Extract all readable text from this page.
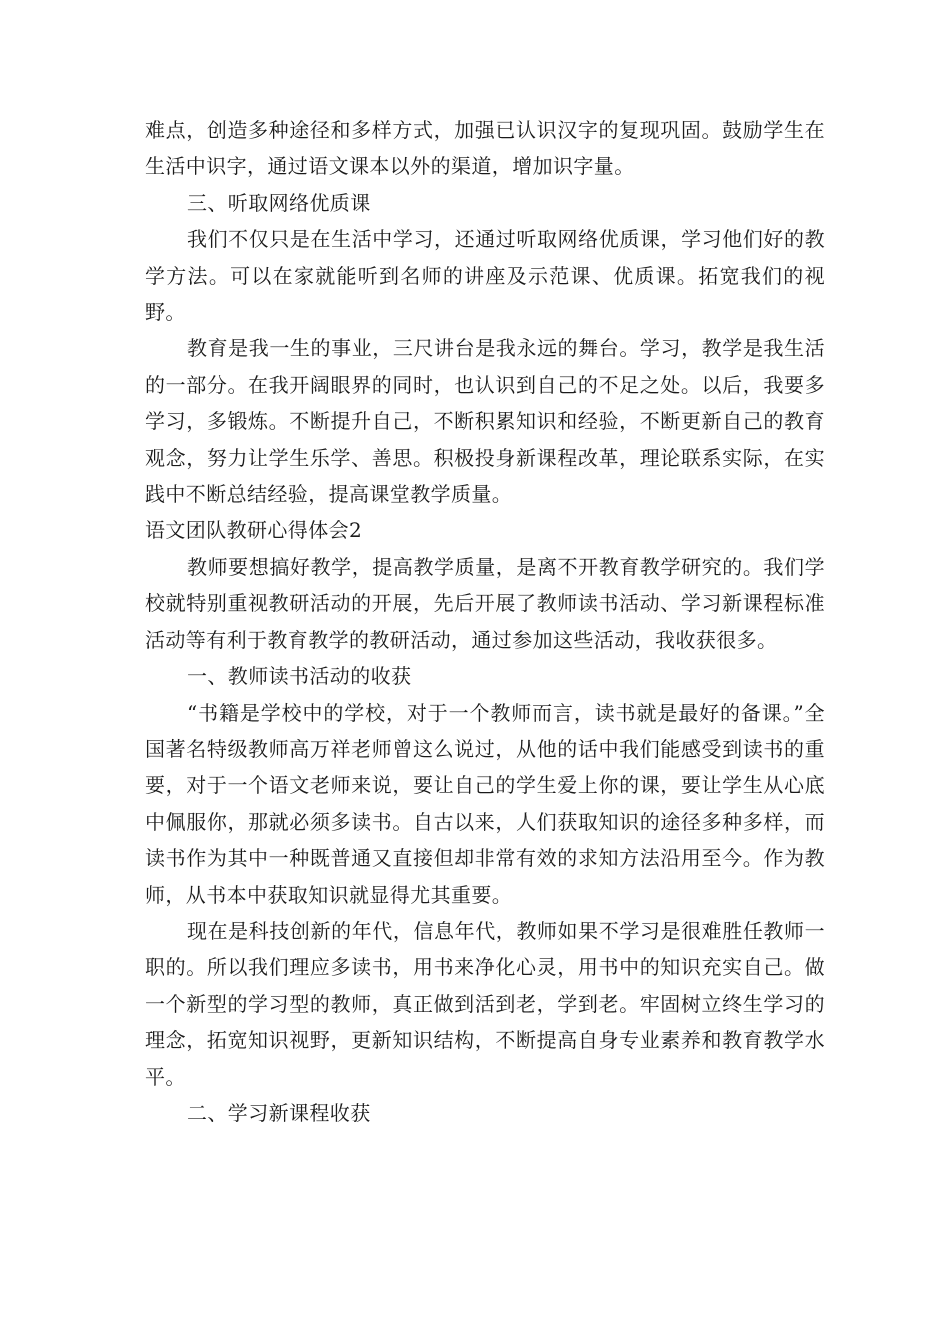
难点，创造多种途径和多样方式，加强已认识汉字的复现巩固。鼓励学生在生活中识字，通过语文课本以外的渠道，增加识字量。

三、听取网络优质课

我们不仅只是在生活中学习，还通过听取网络优质课，学习他们好的教学方法。可以在家就能听到名师的讲座及示范课、优质课。拓宽我们的视野。

教育是我一生的事业，三尺讲台是我永远的舞台。学习，教学是我生活的一部分。在我开阔眼界的同时，也认识到自己的不足之处。以后，我要多学习，多锻炼。不断提升自己，不断积累知识和经验，不断更新自己的教育观念，努力让学生乐学、善思。积极投身新课程改革，理论联系实际，在实践中不断总结经验，提高课堂教学质量。

语文团队教研心得体会2

教师要想搞好教学，提高教学质量，是离不开教育教学研究的。我们学校就特别重视教研活动的开展，先后开展了教师读书活动、学习新课程标准活动等有利于教育教学的教研活动，通过参加这些活动，我收获很多。

一、教师读书活动的收获

“书籍是学校中的学校，对于一个教师而言，读书就是最好的备课。”全国著名特级教师高万祥老师曾这么说过，从他的话中我们能感受到读书的重要，对于一个语文老师来说，要让自己的学生爱上你的课，要让学生从心底中佩服你，那就必须多读书。自古以来，人们获取知识的途径多种多样，而读书作为其中一种既普通又直接但却非常有效的求知方法沿用至今。作为教师，从书本中获取知识就显得尤其重要。

现在是科技创新的年代，信息年代，教师如果不学习是很难胜任教师一职的。所以我们理应多读书，用书来净化心灵，用书中的知识充实自己。做一个新型的学习型的教师，真正做到活到老，学到老。牢固树立终生学习的理念，拓宽知识视野，更新知识结构，不断提高自身专业素养和教育教学水平。

二、学习新课程收获
